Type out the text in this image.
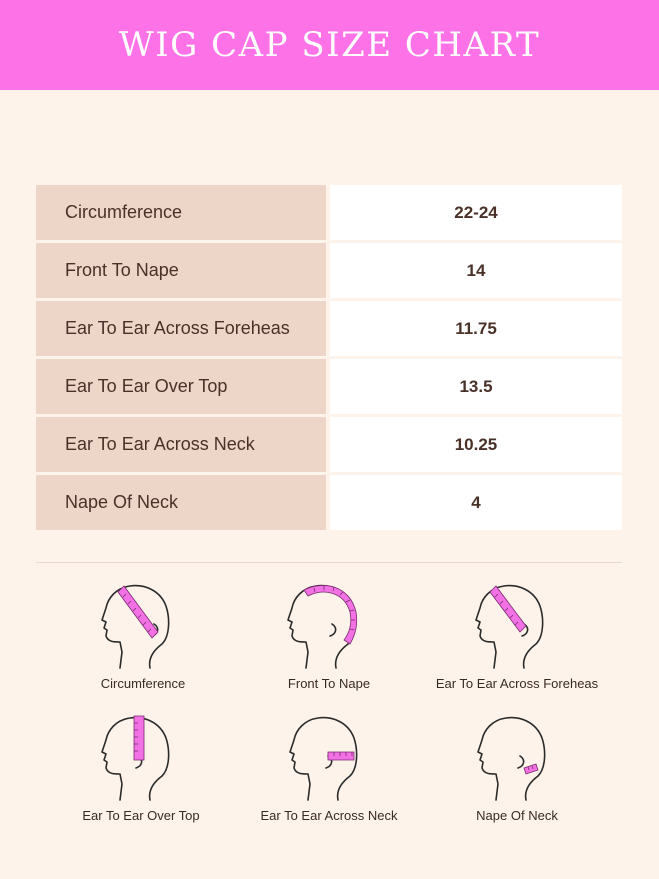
WIG CAP SIZE CHART
Circumference	22-24
Front To Nape	14
Ear To Ear Across Foreheas	11.75
Ear To Ear Over Top	13.5
Ear To Ear Across Neck	10.25
Nape Of Neck	4
Circumference	Front To Nape	Ear To Ear Across Foreheas
Ear To Ear Over Top	Ear To Ear Across Neck	Nape Of Neck
